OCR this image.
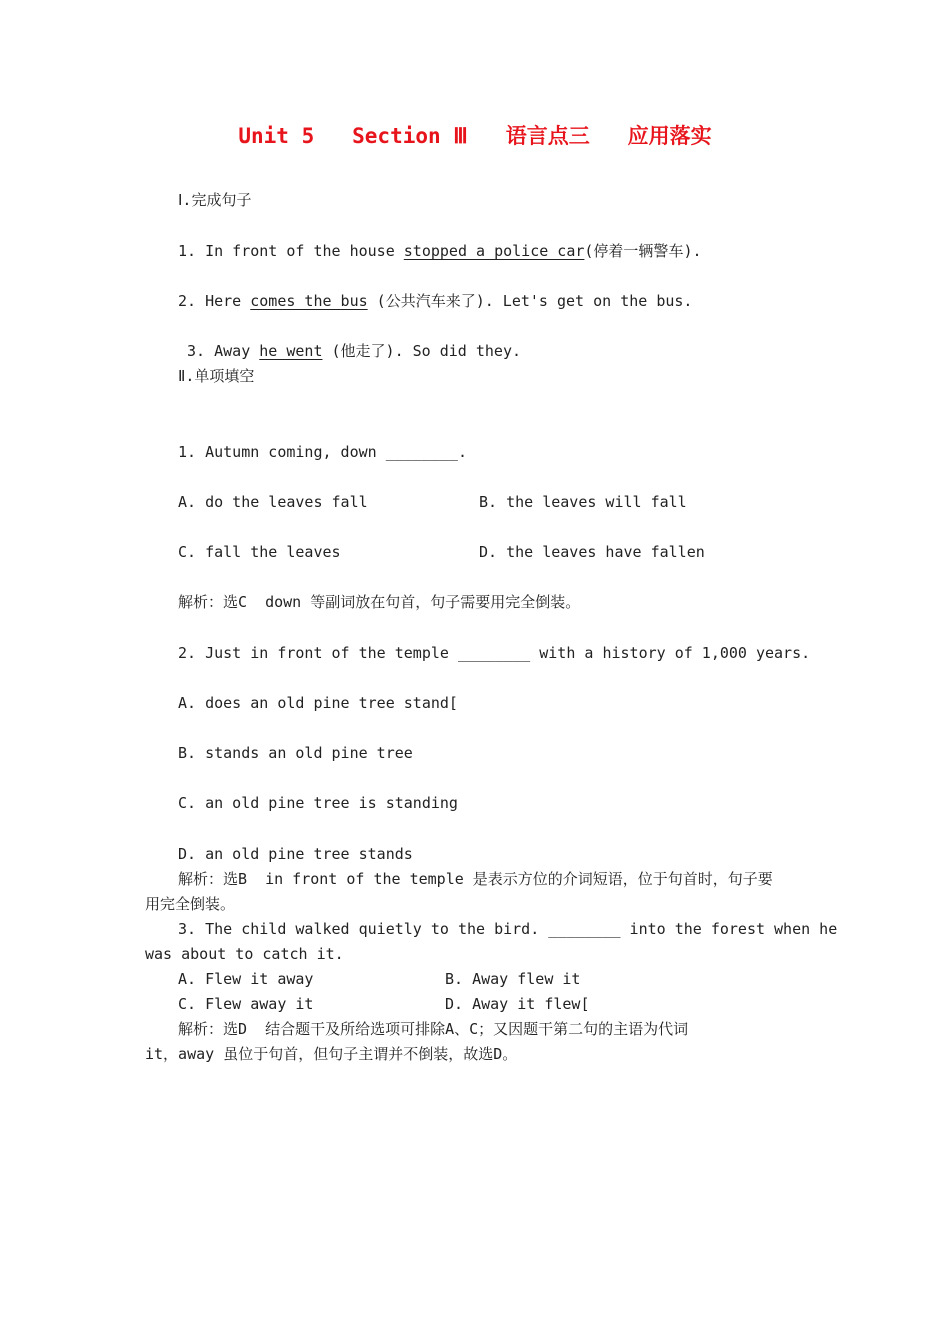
Unit 5   Section Ⅲ   语言点三   应用落实
Ⅰ.完成句子
1. In front of the house stopped a police car(停着一辆警车).
2. Here comes the bus (公共汽车来了). Let's get on the bus.
3. Away he went (他走了). So did they.
Ⅱ.单项填空
1. Autumn coming, down ________.
A. do the leaves fall	B. the leaves will fall
C. fall the leaves	D. the leaves have fallen
解析：选C  down 等副词放在句首，句子需要用完全倒装。
2. Just in front of the temple ________ with a history of 1,000 years.
A. does an old pine tree stand[
B. stands an old pine tree
C. an old pine tree is standing
D. an old pine tree stands
解析：选B  in front of the temple 是表示方位的介词短语，位于句首时，句子要
用完全倒装。
3. The child walked quietly to the bird. ________ into the forest when he
was about to catch it.
A. Flew it away	B. Away flew it
C. Flew away it	D. Away it flew[
解析：选D  结合题干及所给选项可排除A、C；又因题干第二句的主语为代词
it，away 虽位于句首，但句子主谓并不倒装，故选D。
